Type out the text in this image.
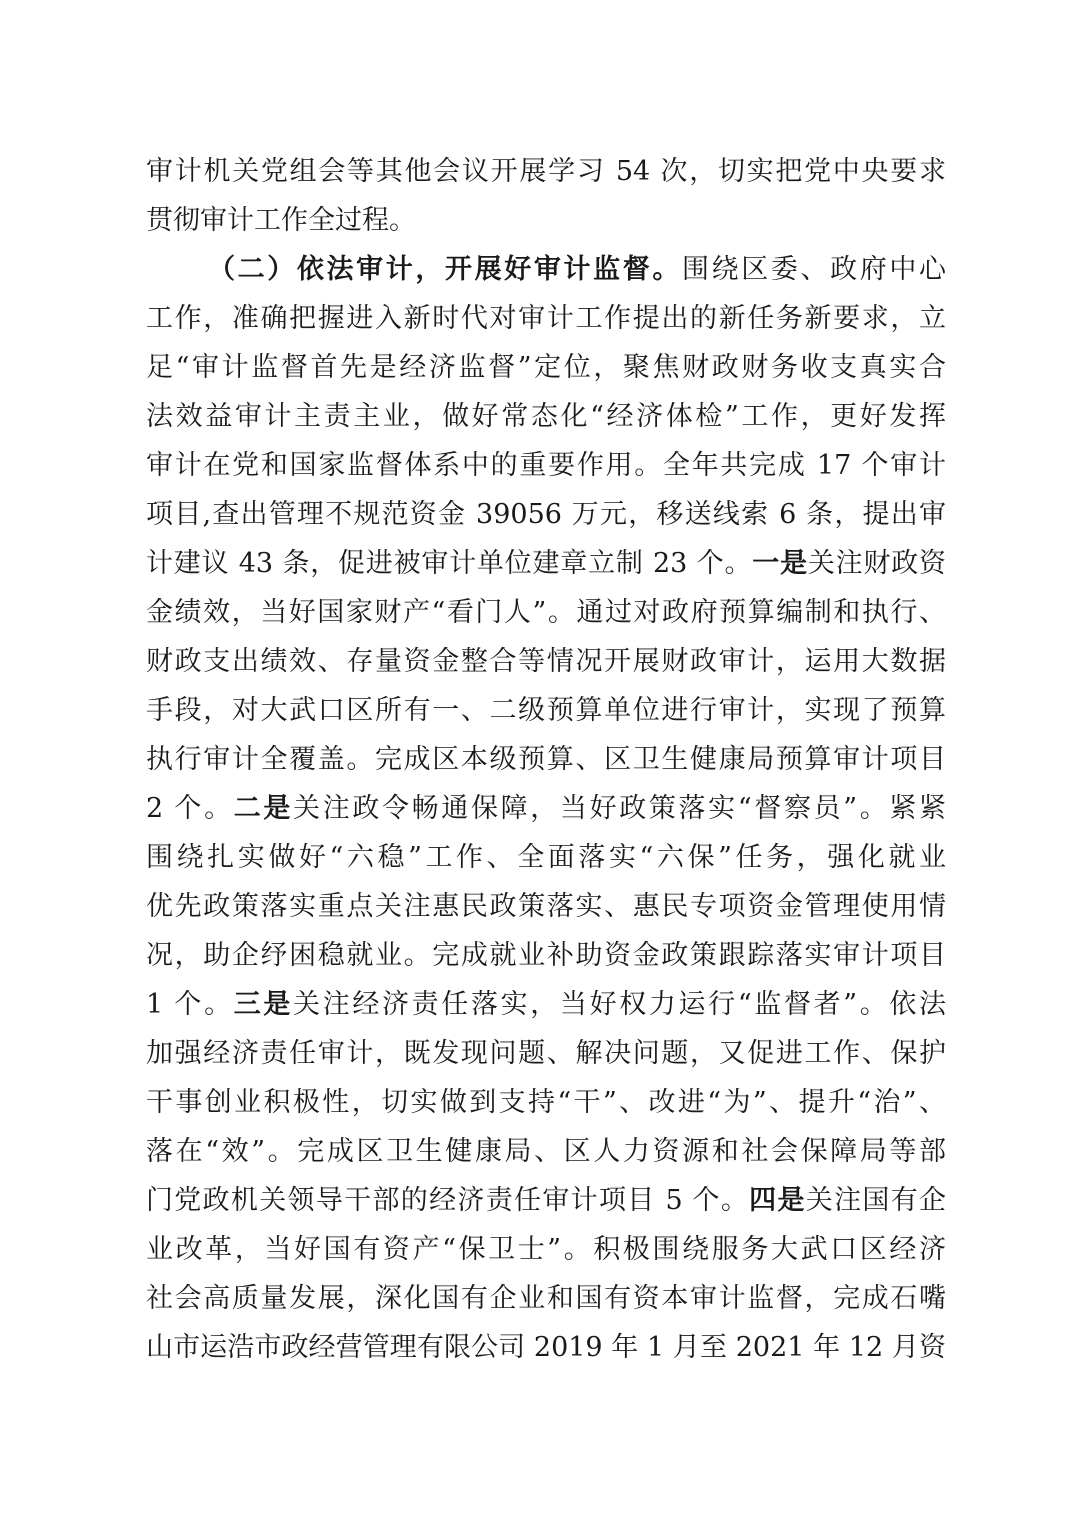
审计机关党组会等其他会议开展学习 54 次，切实把党中央要求
贯彻审计工作全过程。
（二）依法审计，开展好审计监督。围绕区委、政府中心
工作，准确把握进入新时代对审计工作提出的新任务新要求，立
足“审计监督首先是经济监督”定位，聚焦财政财务收支真实合
法效益审计主责主业，做好常态化“经济体检”工作，更好发挥
审计在党和国家监督体系中的重要作用。全年共完成 17 个审计
项目,查出管理不规范资金 39056 万元，移送线索 6 条，提出审
计建议 43 条，促进被审计单位建章立制 23 个。一是关注财政资
金绩效，当好国家财产“看门人”。通过对政府预算编制和执行、
财政支出绩效、存量资金整合等情况开展财政审计，运用大数据
手段，对大武口区所有一、二级预算单位进行审计，实现了预算
执行审计全覆盖。完成区本级预算、区卫生健康局预算审计项目
2 个。二是关注政令畅通保障，当好政策落实“督察员”。紧紧
围绕扎实做好“六稳”工作、全面落实“六保”任务，强化就业
优先政策落实重点关注惠民政策落实、惠民专项资金管理使用情
况，助企纾困稳就业。完成就业补助资金政策跟踪落实审计项目
1 个。三是关注经济责任落实，当好权力运行“监督者”。依法
加强经济责任审计，既发现问题、解决问题，又促进工作、保护
干事创业积极性，切实做到支持“干”、改进“为”、提升“治”、
落在“效”。完成区卫生健康局、区人力资源和社会保障局等部
门党政机关领导干部的经济责任审计项目 5 个。四是关注国有企
业改革，当好国有资产“保卫士”。积极围绕服务大武口区经济
社会高质量发展，深化国有企业和国有资本审计监督，完成石嘴
山市运浩市政经营管理有限公司 2019 年 1 月至 2021 年 12 月资
